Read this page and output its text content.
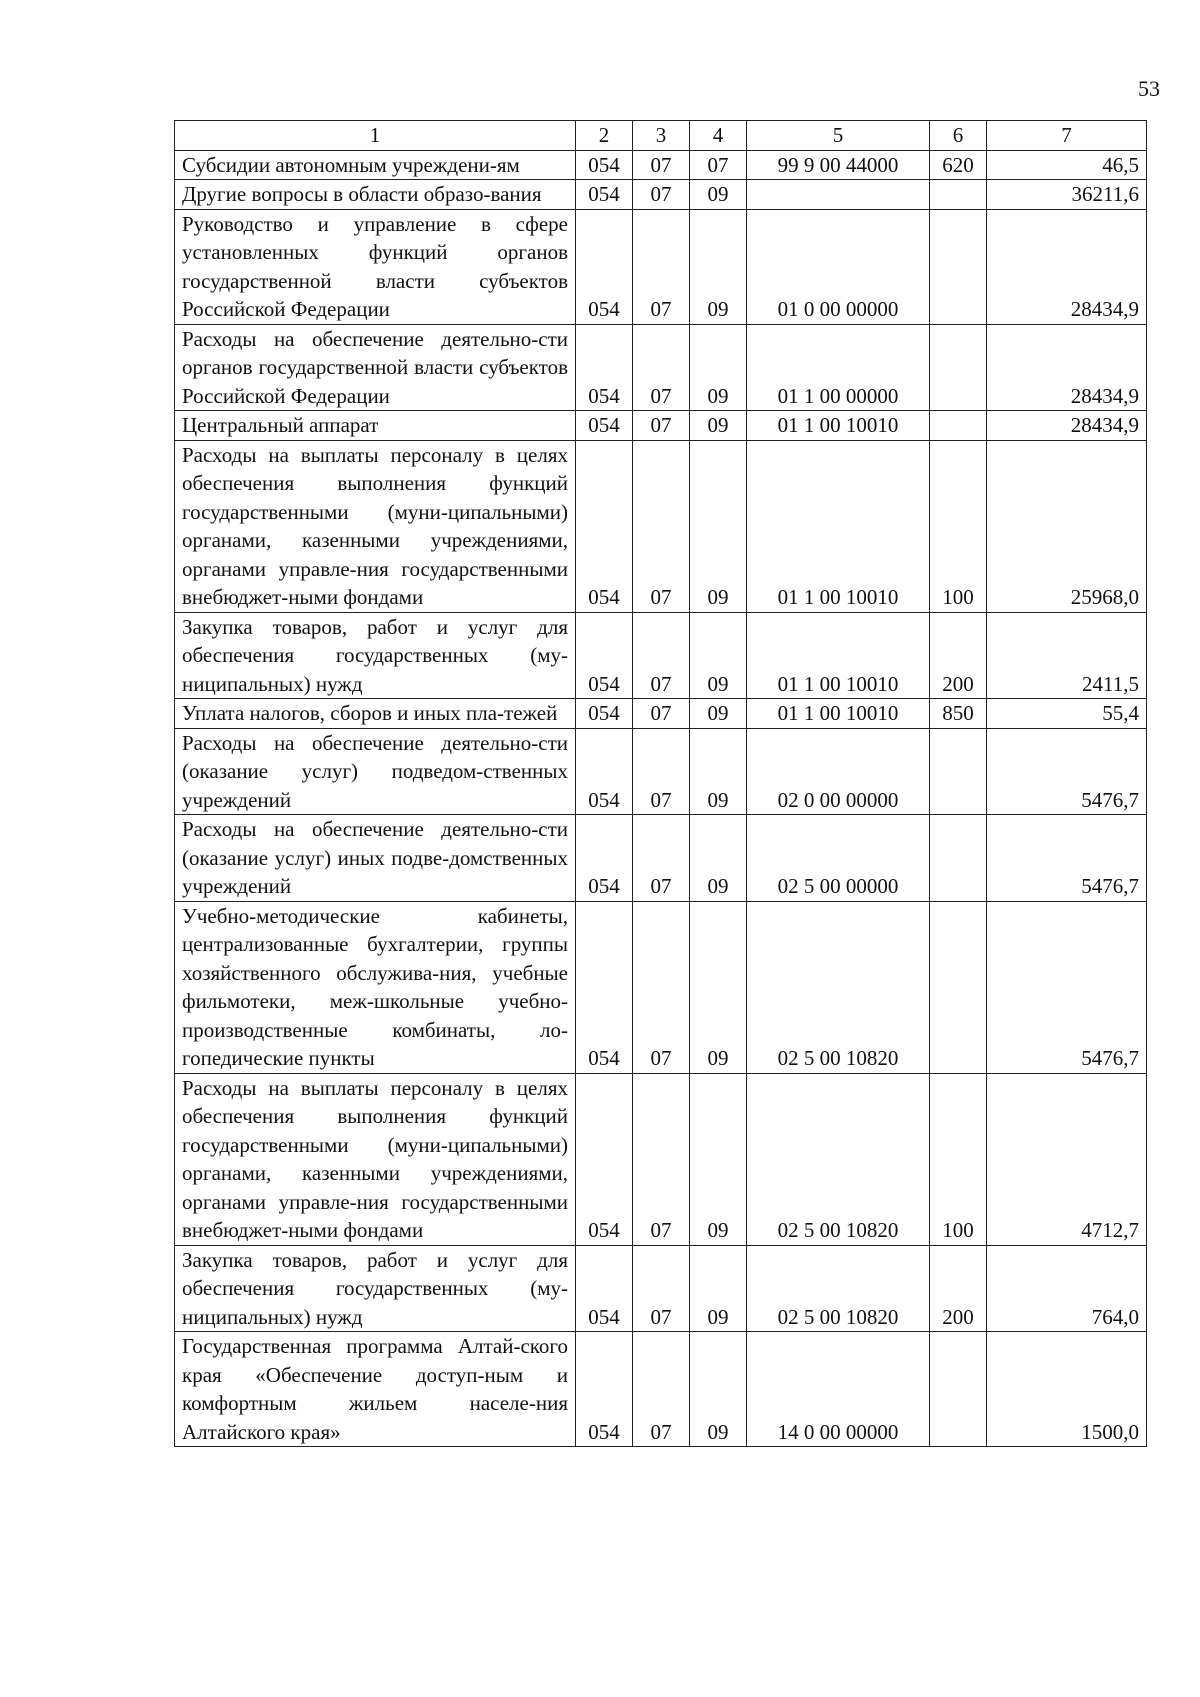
53
1	2	3	4	5	6	7
Субсидии автономным учреждени-ям	054	07	07	99 9 00 44000	620	46,5
Другие вопросы в области образо-вания	054	07	09			36211,6
Руководство и управление в сфере установленных функций органов государственной власти субъектов Российской Федерации	054	07	09	01 0 00 00000		28434,9
Расходы на обеспечение деятельно-сти органов государственной власти субъектов Российской Федерации	054	07	09	01 1 00 00000		28434,9
Центральный аппарат	054	07	09	01 1 00 10010		28434,9
Расходы на выплаты персоналу в целях обеспечения выполнения функций государственными (муни-ципальными) органами, казенными учреждениями, органами управле-ния государственными внебюджет-ными фондами	054	07	09	01 1 00 10010	100	25968,0
Закупка товаров, работ и услуг для обеспечения государственных (му-ниципальных) нужд	054	07	09	01 1 00 10010	200	2411,5
Уплата налогов, сборов и иных пла-тежей	054	07	09	01 1 00 10010	850	55,4
Расходы на обеспечение деятельно-сти (оказание услуг) подведом-ственных учреждений	054	07	09	02 0 00 00000		5476,7
Расходы на обеспечение деятельно-сти (оказание услуг) иных подве-домственных учреждений	054	07	09	02 5 00 00000		5476,7
Учебно-методические кабинеты, централизованные бухгалтерии, группы хозяйственного обслужива-ния, учебные фильмотеки, меж-школьные учебно-производственные комбинаты, ло-гопедические пункты	054	07	09	02 5 00 10820		5476,7
Расходы на выплаты персоналу в целях обеспечения выполнения функций государственными (муни-ципальными) органами, казенными учреждениями, органами управле-ния государственными внебюджет-ными фондами	054	07	09	02 5 00 10820	100	4712,7
Закупка товаров, работ и услуг для обеспечения государственных (му-ниципальных) нужд	054	07	09	02 5 00 10820	200	764,0
Государственная программа Алтай-ского края «Обеспечение доступ-ным и комфортным жильем населе-ния Алтайского края»	054	07	09	14 0 00 00000		1500,0
